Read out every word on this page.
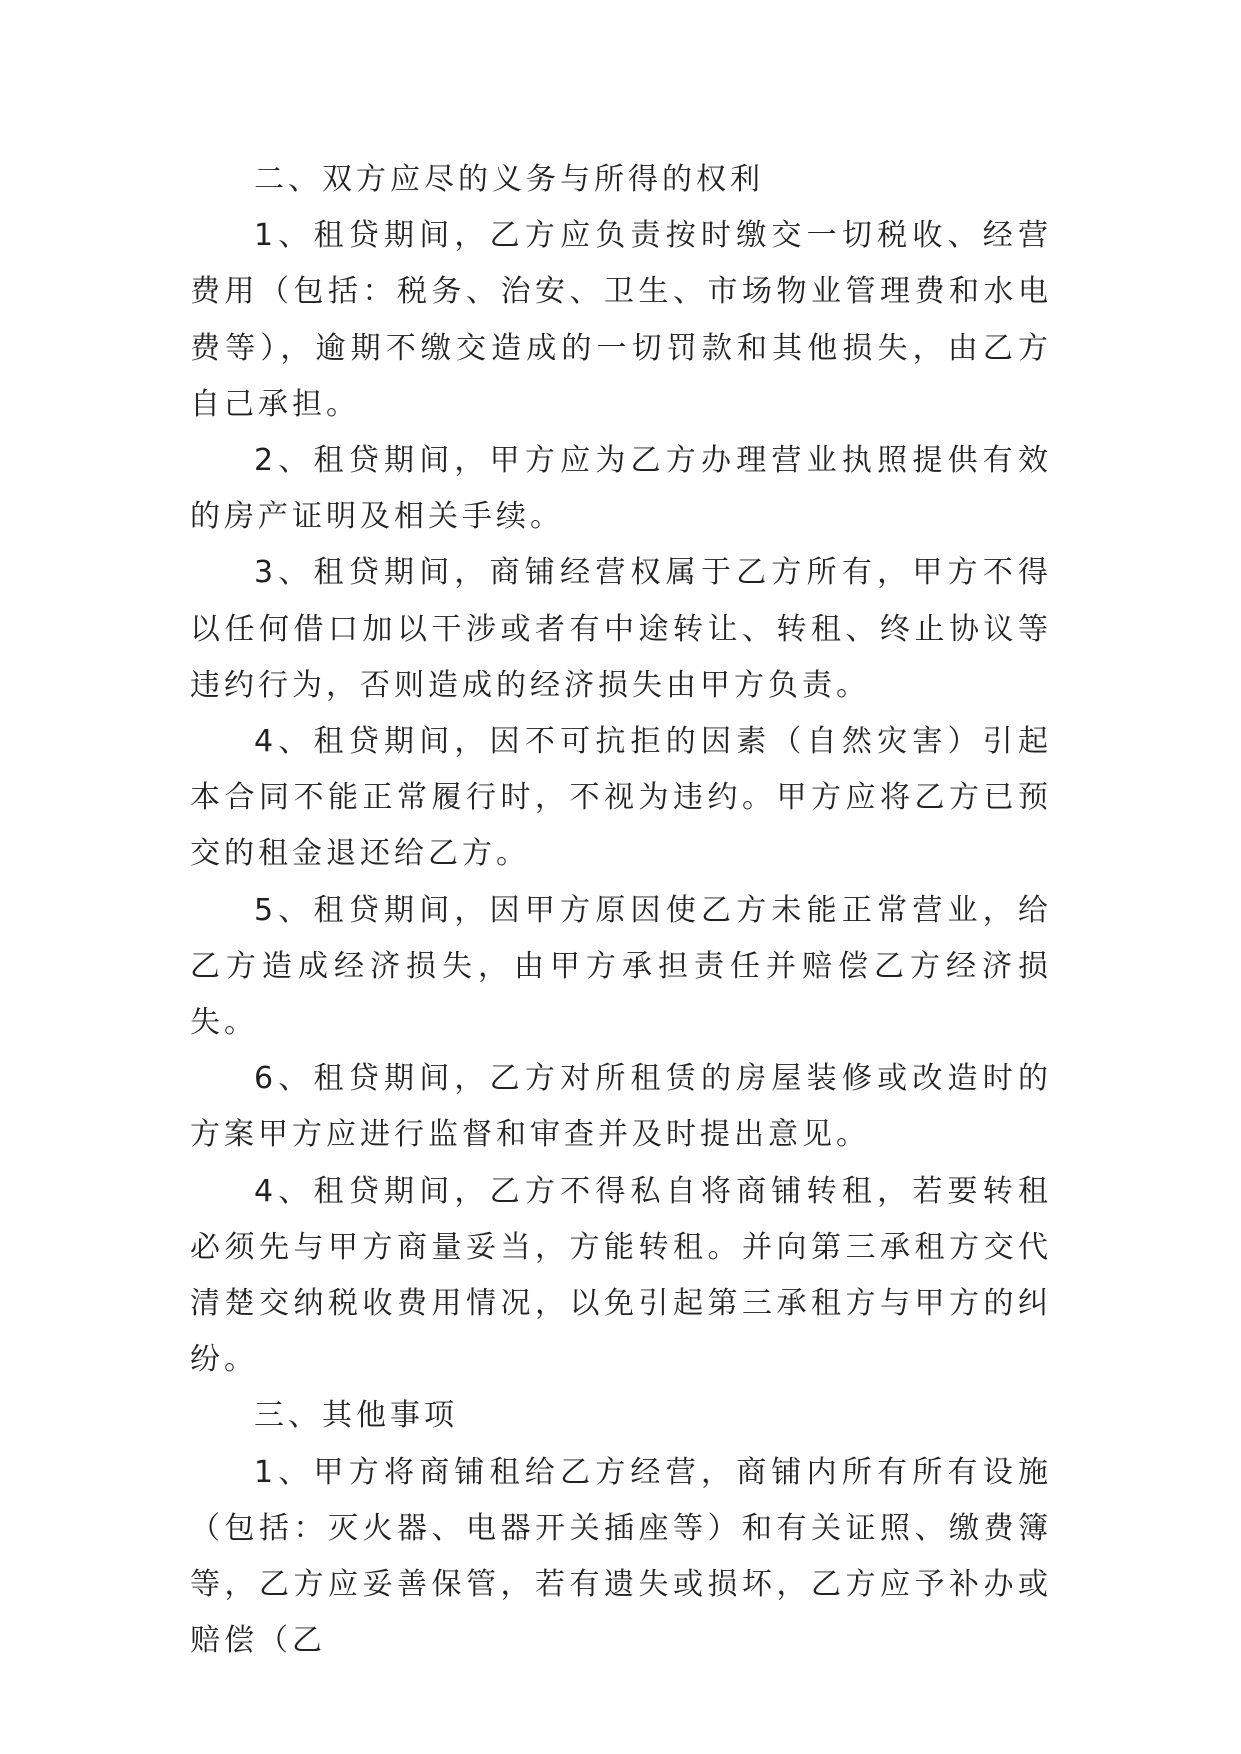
二、双方应尽的义务与所得的权利

1、租贷期间，乙方应负责按时缴交一切税收、经营费用（包括：税务、治安、卫生、市场物业管理费和水电费等），逾期不缴交造成的一切罚款和其他损失，由乙方自己承担。

2、租贷期间，甲方应为乙方办理营业执照提供有效的房产证明及相关手续。

3、租贷期间，商铺经营权属于乙方所有，甲方不得以任何借口加以干涉或者有中途转让、转租、终止协议等违约行为，否则造成的经济损失由甲方负责。

4、租贷期间，因不可抗拒的因素（自然灾害）引起本合同不能正常履行时，不视为违约。甲方应将乙方已预交的租金退还给乙方。

5、租贷期间，因甲方原因使乙方未能正常营业，给乙方造成经济损失，由甲方承担责任并赔偿乙方经济损失。

6、租贷期间，乙方对所租赁的房屋装修或改造时的方案甲方应进行监督和审查并及时提出意见。

4、租贷期间，乙方不得私自将商铺转租，若要转租必须先与甲方商量妥当，方能转租。并向第三承租方交代清楚交纳税收费用情况，以免引起第三承租方与甲方的纠纷。

三、其他事项

1、甲方将商铺租给乙方经营，商铺内所有所有设施（包括：灭火器、电器开关插座等）和有关证照、缴费簿等，乙方应妥善保管，若有遗失或损坏，乙方应予补办或赔偿（乙
